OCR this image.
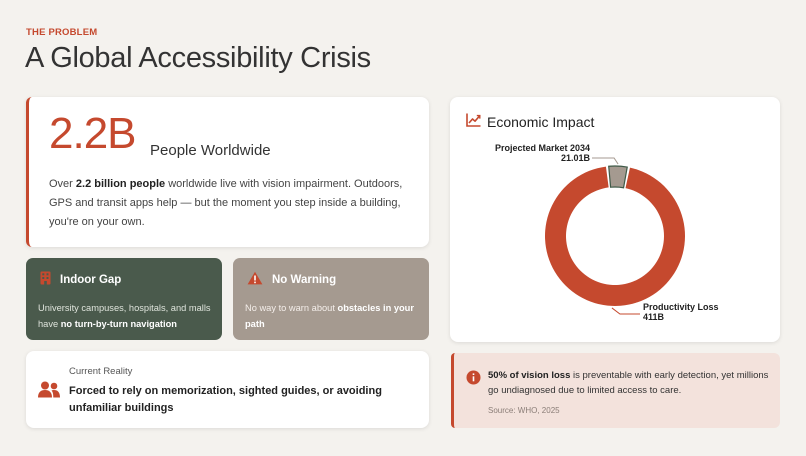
THE PROBLEM
A Global Accessibility Crisis
2.2B People Worldwide
Over 2.2 billion people worldwide live with vision impairment. Outdoors, GPS and transit apps help — but the moment you step inside a building, you're on your own.
Indoor Gap
University campuses, hospitals, and malls have no turn-by-turn navigation
No Warning
No way to warn about obstacles in your path
Current Reality
Forced to rely on memorization, sighted guides, or avoiding unfamiliar buildings
Economic Impact
Projected Market 2034
21.01B
Productivity Loss
411B
50% of vision loss is preventable with early detection, yet millions go undiagnosed due to limited access to care.
Source: WHO, 2025
